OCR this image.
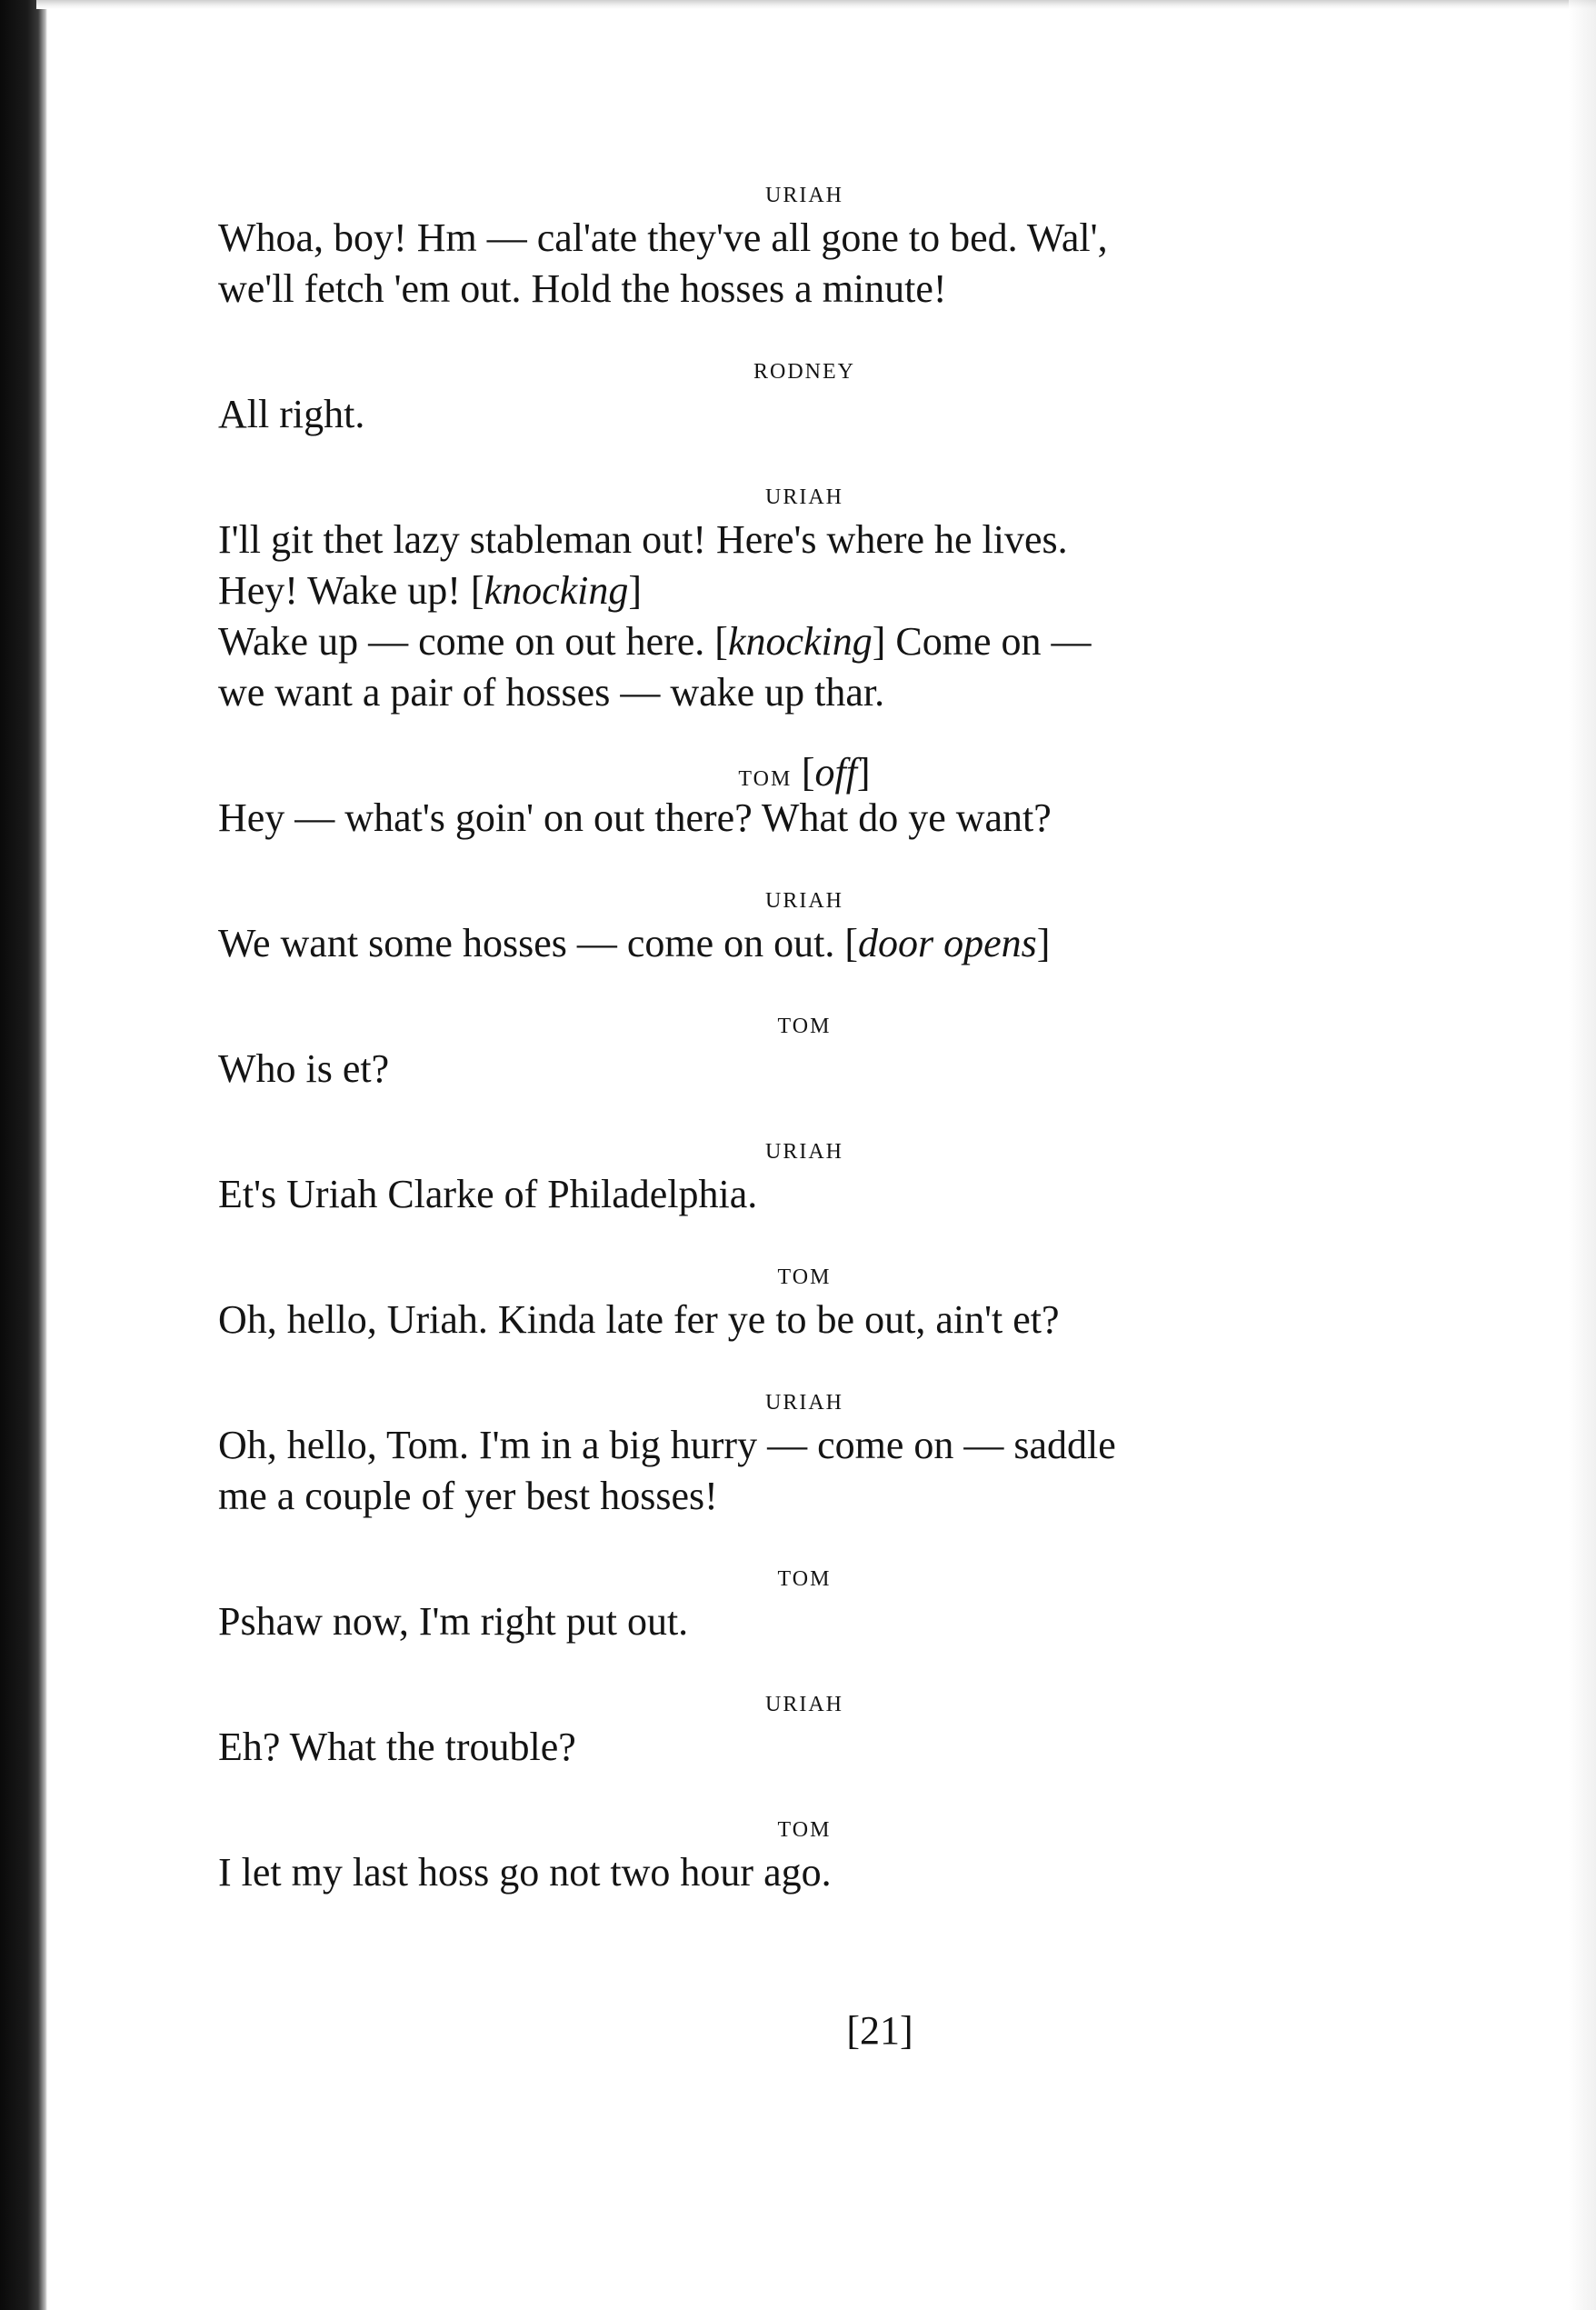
uriah
Whoa, boy! Hm — cal'ate they've all gone to bed. Wal',
we'll fetch 'em out. Hold the hosses a minute!
rodney
All right.
uriah
I'll git thet lazy stableman out! Here's where he lives.
Hey! Wake up! [knocking]
Wake up — come on out here. [knocking] Come on —
we want a pair of hosses — wake up thar.
tom [off]
Hey — what's goin' on out there? What do ye want?
uriah
We want some hosses — come on out. [door opens]
tom
Who is et?
uriah
Et's Uriah Clarke of Philadelphia.
tom
Oh, hello, Uriah. Kinda late fer ye to be out, ain't et?
uriah
Oh, hello, Tom. I'm in a big hurry — come on — saddle
me a couple of yer best hosses!
tom
Pshaw now, I'm right put out.
uriah
Eh? What the trouble?
tom
I let my last hoss go not two hour ago.
[21]
